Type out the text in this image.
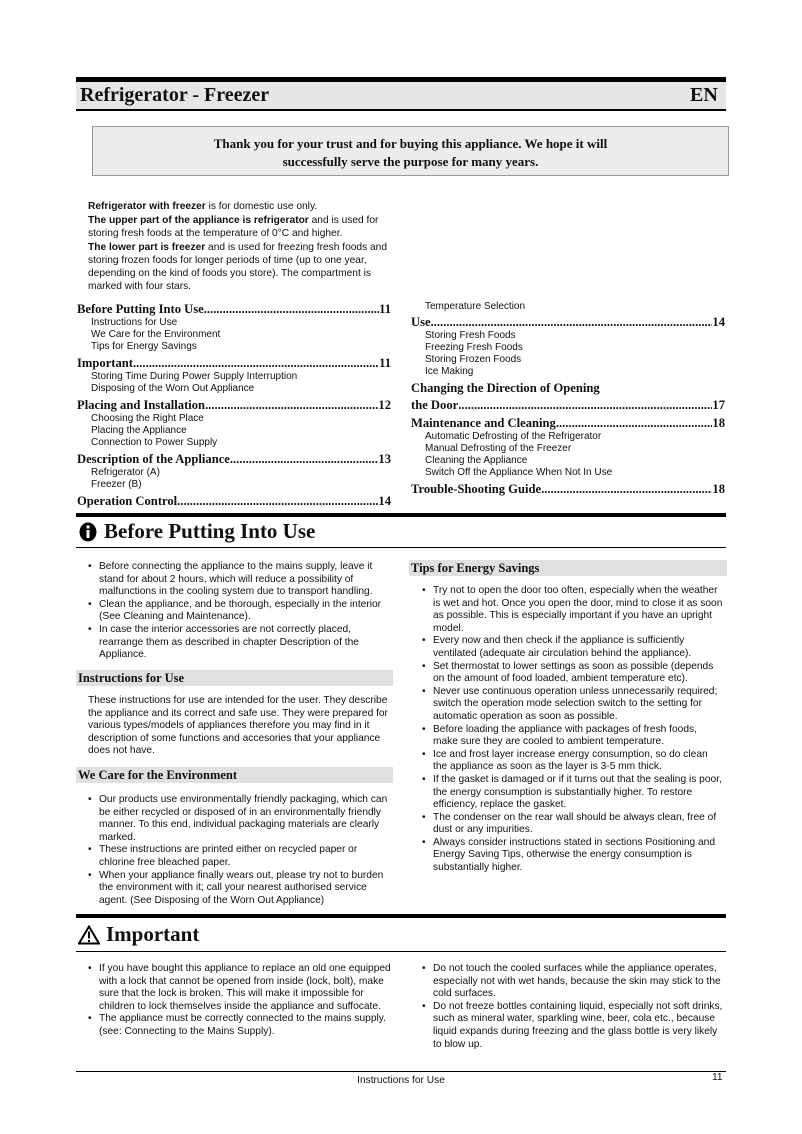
Refrigerator - Freezer	EN
Thank you for your trust and for buying this appliance. We hope it will
successfully serve the purpose for many years.

Refrigerator with freezer is for domestic use only.

The upper part of the appliance is refrigerator and is used for storing fresh foods at the temperature of 0°C and higher.

The lower part is freezer and is used for freezing fresh foods and storing frozen foods for longer periods of time (up to one year, depending on the kind of foods you store). The compartment is marked with four stars.

Before Putting Into Use .....	11
Instructions for Use
We Care for the Environment
Tips for Energy Savings
Important .....	11
Storing Time During Power Supply Interruption
Disposing of the Worn Out Appliance
Placing and Installation .....	12
Choosing the Right Place
Placing the Appliance
Connection to Power Supply
Description of the Appliance .....	13
Refrigerator (A)
Freezer (B)
Operation Control .....	14
Temperature Selection
Use .....	14
Storing Fresh Foods
Freezing Fresh Foods
Storing Frozen Foods
Ice Making
Changing the Direction of Opening
the Door .....	17
Maintenance and Cleaning .....	18
Automatic Defrosting of the Refrigerator
Manual Defrosting of the Freezer
Cleaning the Appliance
Switch Off the Appliance When Not In Use
Trouble-Shooting Guide .....	18
Before Putting Into Use
• Before connecting the appliance to the mains supply, leave it stand for about 2 hours, which will reduce a possibility of malfunctions in the cooling system due to transport handling.
• Clean the appliance, and be thorough, especially in the interior (See Cleaning and Maintenance).
• In case the interior accessories are not correctly placed, rearrange them as described in chapter Description of the Appliance.
Instructions for Use
These instructions for use are intended for the user. They describe the appliance and its correct and safe use. They were prepared for various types/models of appliances therefore you may find in it description of some functions and accesories that your appliance does not have.
We Care for the Environment
• Our products use environmentally friendly packaging, which can be either recycled or disposed of in an environmentally friendly manner. To this end, individual packaging materials are clearly marked.
• These instructions are printed either on recycled paper or chlorine free bleached paper.
• When your appliance finally wears out, please try not to burden the environment with it; call your nearest authorised service agent. (See Disposing of the Worn Out Appliance)
Tips for Energy Savings
• Try not to open the door too often, especially when the weather is wet and hot. Once you open the door, mind to close it as soon as possible. This is especially important if you have an upright model.
• Every now and then check if the appliance is sufficiently ventilated (adequate air circulation behind the appliance).
• Set thermostat to lower settings as soon as possible (depends on the amount of food loaded, ambient temperature etc).
• Never use continuous operation unless unnecessarily required; switch the operation mode selection switch to the setting for automatic operation as soon as possible.
• Before loading the appliance with packages of fresh foods, make sure they are cooled to ambient temperature.
• Ice and frost layer increase energy consumption, so do clean the appliance as soon as the layer is 3-5 mm thick.
• If the gasket is damaged or if it turns out that the sealing is poor, the energy consumption is substantially higher. To restore efficiency, replace the gasket.
• The condenser on the rear wall should be always clean, free of dust or any impurities.
• Always consider instructions stated in sections Positioning and Energy Saving Tips, otherwise the energy consumption is substantially higher.
Important
• If you have bought this appliance to replace an old one equipped with a lock that cannot be opened from inside (lock, bolt), make sure that the lock is broken. This will make it impossible for children to lock themselves inside the appliance and suffocate.
• The appliance must be correctly connected to the mains supply. (see: Connecting to the Mains Supply).
• Do not touch the cooled surfaces while the appliance operates, especially not with wet hands, because the skin may stick to the cold surfaces.
• Do not freeze bottles containing liquid, especially not soft drinks, such as mineral water, sparkling wine, beer, cola etc., because liquid expands during freezing and the glass bottle is very likely to blow up.
Instructions for Use	11
